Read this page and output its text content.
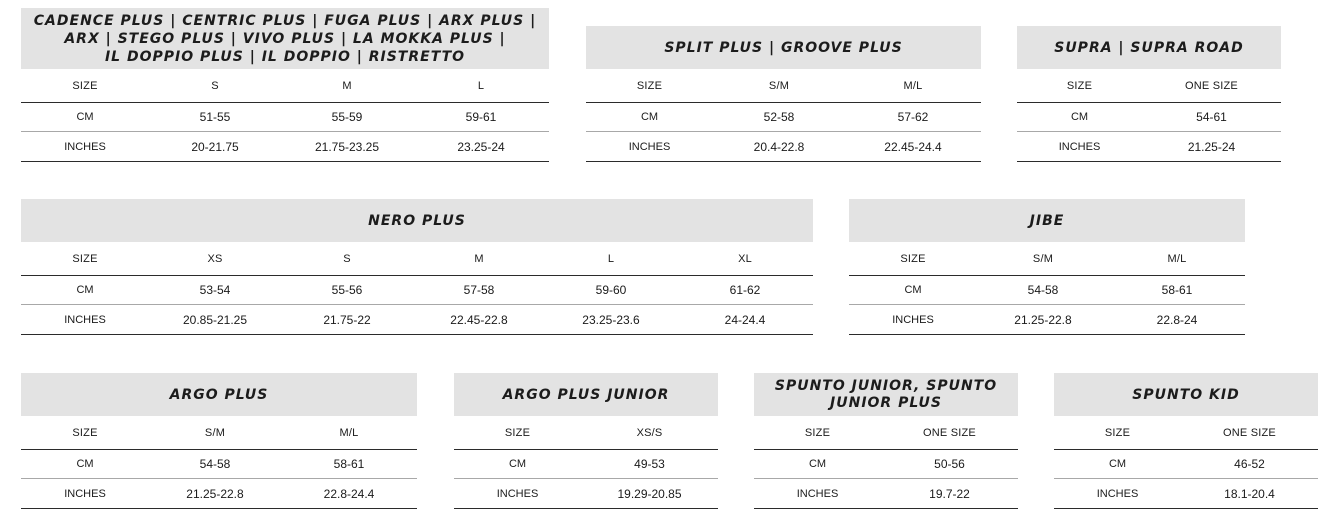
CADENCE PLUS | CENTRIC PLUS | FUGA PLUS | ARX PLUS |
ARX | STEGO PLUS | VIVO PLUS | LA MOKKA PLUS |
IL DOPPIO PLUS | IL DOPPIO | RISTRETTO
SIZE	S	M	L
CM	51-55	55-59	59-61
INCHES	20-21.75	21.75-23.25	23.25-24
SPLIT PLUS | GROOVE PLUS
SIZE	S/M	M/L
CM	52-58	57-62
INCHES	20.4-22.8	22.45-24.4
SUPRA | SUPRA ROAD
SIZE	ONE SIZE
CM	54-61
INCHES	21.25-24
NERO PLUS
SIZE	XS	S	M	L	XL
CM	53-54	55-56	57-58	59-60	61-62
INCHES	20.85-21.25	21.75-22	22.45-22.8	23.25-23.6	24-24.4
JIBE
SIZE	S/M	M/L
CM	54-58	58-61
INCHES	21.25-22.8	22.8-24
ARGO PLUS
SIZE	S/M	M/L
CM	54-58	58-61
INCHES	21.25-22.8	22.8-24.4
ARGO PLUS JUNIOR
SIZE	XS/S
CM	49-53
INCHES	19.29-20.85
SPUNTO JUNIOR, SPUNTO
JUNIOR PLUS
SIZE	ONE SIZE
CM	50-56
INCHES	19.7-22
SPUNTO KID
SIZE	ONE SIZE
CM	46-52
INCHES	18.1-20.4
